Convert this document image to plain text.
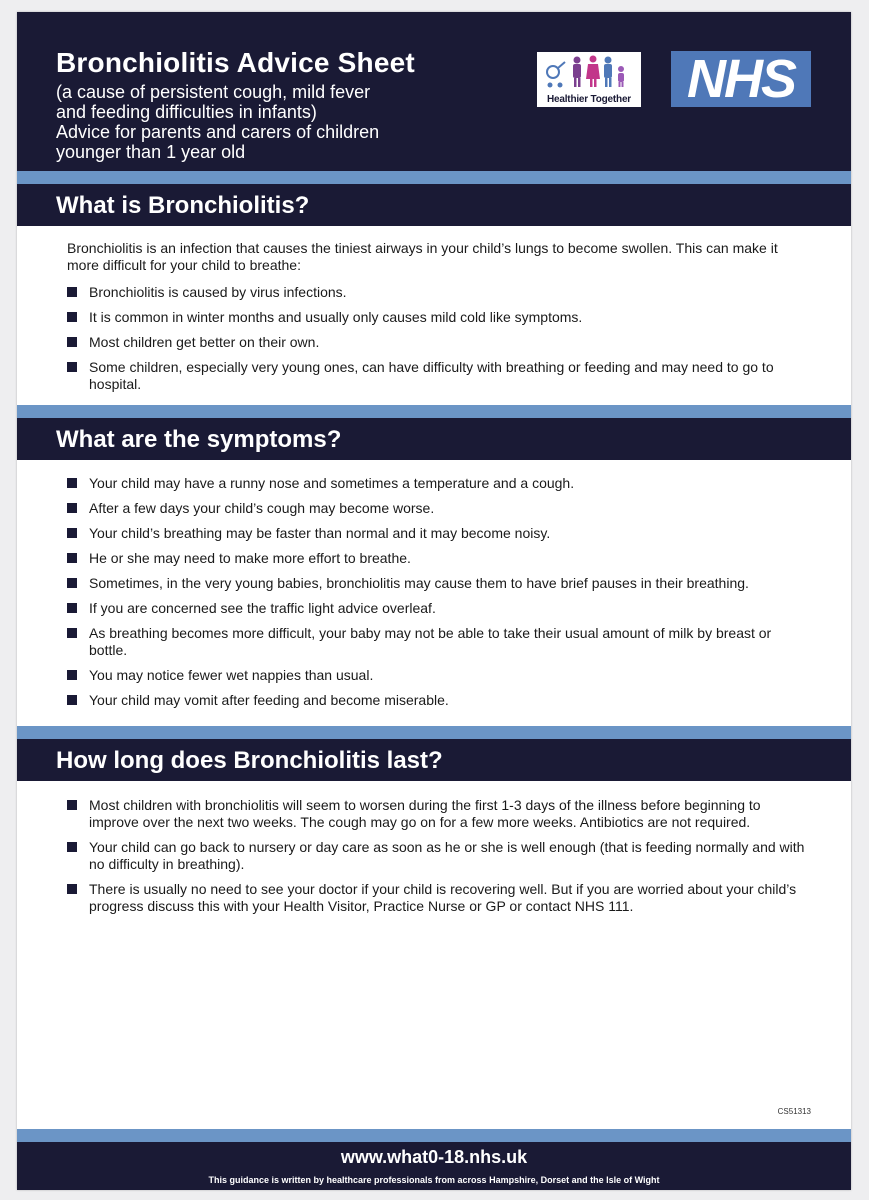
Bronchiolitis Advice Sheet
(a cause of persistent cough, mild fever
and feeding difficulties in infants)
Advice for parents and carers of children
younger than 1 year old
Healthier Together NHS
What is Bronchiolitis?

Bronchiolitis is an infection that causes the tiniest airways in your child’s lungs to become swollen. This can make it more difficult for your child to breathe:

Bronchiolitis is caused by virus infections.
It is common in winter months and usually only causes mild cold like symptoms.
Most children get better on their own.
Some children, especially very young ones, can have difficulty with breathing or feeding and may need to go to hospital.
What are the symptoms?
Your child may have a runny nose and sometimes a temperature and a cough.
After a few days your child’s cough may become worse.
Your child’s breathing may be faster than normal and it may become noisy.
He or she may need to make more effort to breathe.
Sometimes, in the very young babies, bronchiolitis may cause them to have brief pauses in their breathing.
If you are concerned see the traffic light advice overleaf.
As breathing becomes more difficult, your baby may not be able to take their usual amount of milk by breast or bottle.
You may notice fewer wet nappies than usual.
Your child may vomit after feeding and become miserable.
How long does Bronchiolitis last?
Most children with bronchiolitis will seem to worsen during the first 1-3 days of the illness before beginning to improve over the next two weeks. The cough may go on for a few more weeks. Antibiotics are not required.
Your child can go back to nursery or day care as soon as he or she is well enough (that is feeding normally and with no difficulty in breathing).
There is usually no need to see your doctor if your child is recovering well. But if you are worried about your child’s progress discuss this with your Health Visitor, Practice Nurse or GP or contact NHS 111.
CS51313
www.what0-18.nhs.uk
This guidance is written by healthcare professionals from across Hampshire, Dorset and the Isle of Wight
